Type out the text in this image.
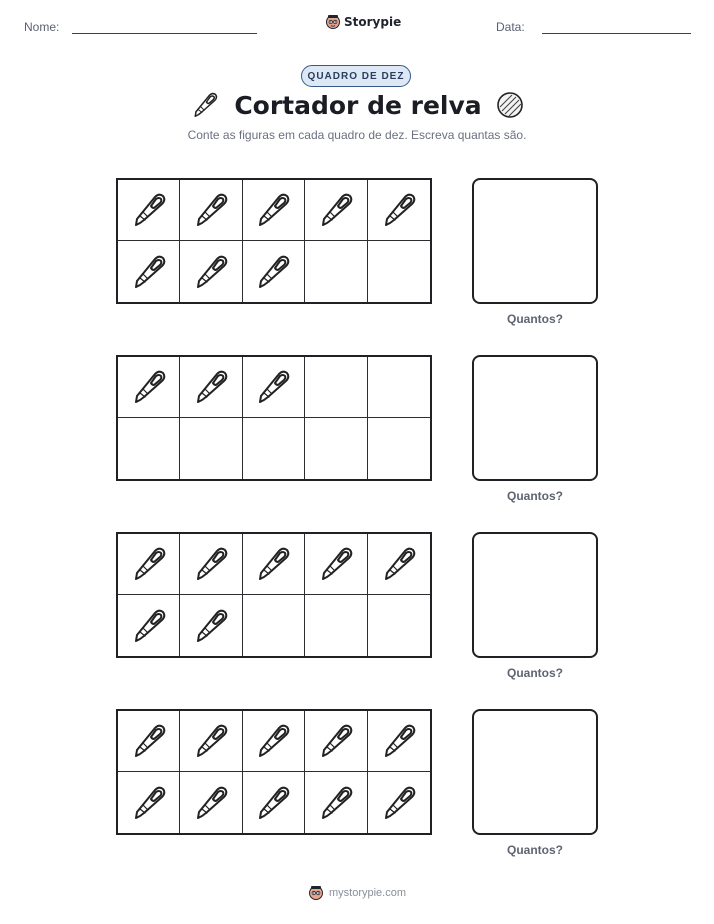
Nome:	Storypie	Data:
QUADRO DE DEZ
Cortador de relva
Conte as figuras em cada quadro de dez. Escreva quantas são.
Quantos?
Quantos?
Quantos?
Quantos?
mystorypie.com
